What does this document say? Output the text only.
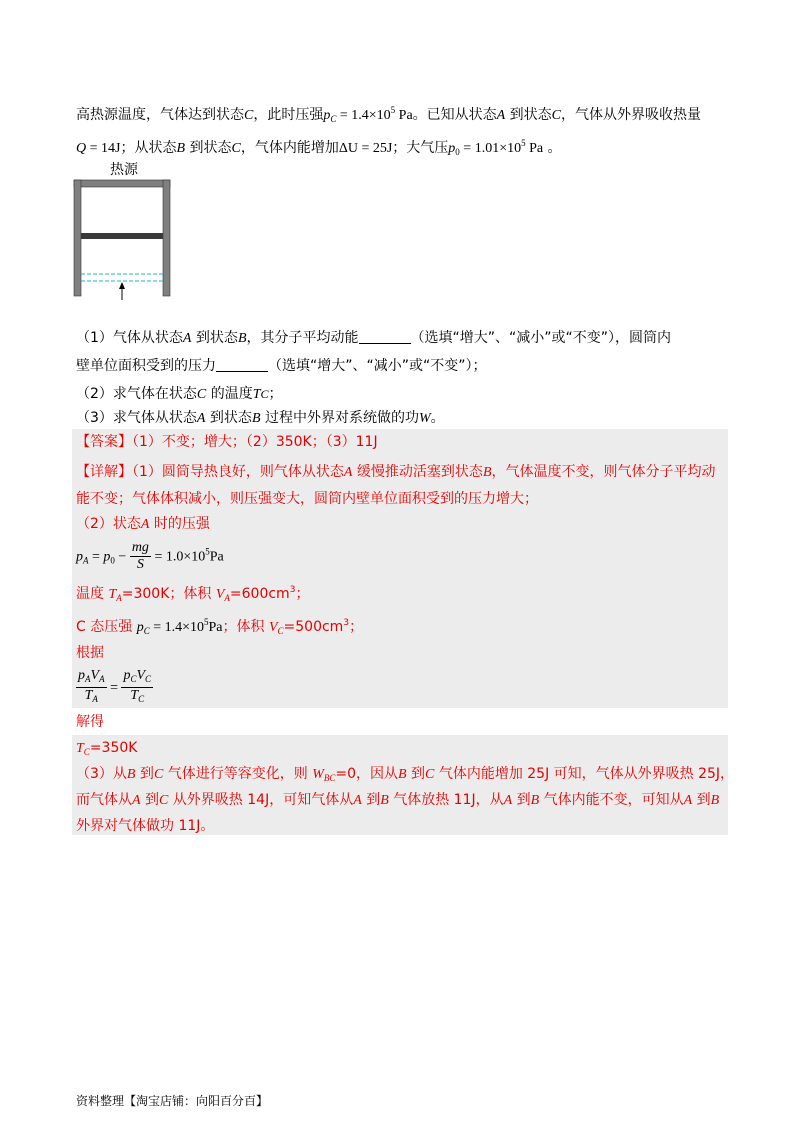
高热源温度，气体达到状态C，此时压强$p_C = 1.4\times 10^5$ Pa。已知从状态A 到状态C，气体从外界吸收热量
Q = 14J；从状态B 到状态C，气体内能增加ΔU = 25J；大气压$p_0 = 1.01\times 10^5$ Pa 。
热源
（1）气体从状态A 到状态B，其分子平均动能	（选填“增大”、“减小”或“不变”），圆筒内
壁单位面积受到的压力	（选填“增大”、“减小”或“不变”）；
（2）求气体在状态C 的温度TC；
（3）求气体从状态A 到状态B 过程中外界对系统做的功W。
【答案】（1）不变；增大；（2）350K；（3）11J
【详解】（1）圆筒导热良好，则气体从状态A 缓慢推动活塞到状态B，气体温度不变，则气体分子平均动
能不变；气体体积减小，则压强变大，圆筒内壁单位面积受到的压力增大；
（2）状态A 时的压强
$p_A = p_0 - \frac{mg}{S} = 1.0\times 10^5Pa$
温度 $T_A=300K$；体积 $V_A=600cm^3$；
C 态压强 $p_C = 1.4\times 10^5Pa$；体积 $V_C=500cm^3$；
根据
$\frac{p_AV_A}{T_A} = \frac{p_CV_C}{T_C}$
解得
$T_C=350K$
（3）从B 到C 气体进行等容变化，则 $W_{BC}=0$，因从B 到C 气体内能增加 25J 可知，气体从外界吸热 25J，
而气体从A 到C 从外界吸热 14J，可知气体从A 到B 气体放热 11J，从A 到B 气体内能不变，可知从A 到B
外界对气体做功 11J。
资料整理【淘宝店铺：向阳百分百】
